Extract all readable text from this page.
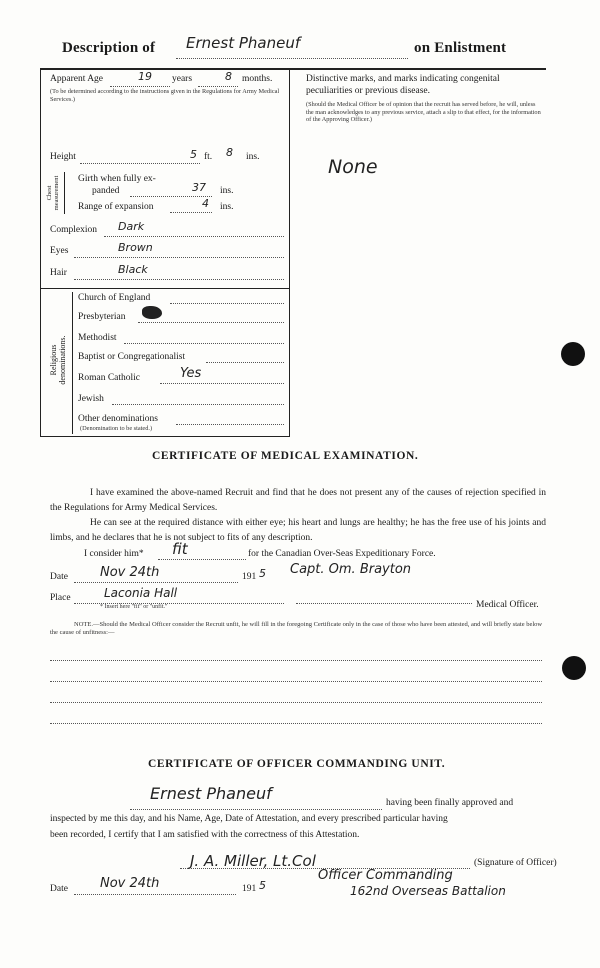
Description of Ernest Phaneuf	on Enlistment
Apparent Age	19 years	8 months.
(To be determined according to the instructions given in the Regulations for Army Medical Services.)
Height	5 ft. 8 ins.
Chest measurement Girth when fully ex-
panded	37 ins.
Range of expansion	4 ins.
Complexion Dark
Eyes	Brown
Hair	Black
Religious denominations.
Church of England
Presbyterian
Methodist
Baptist or Congregationalist
Roman Catholic	Yes
Jewish
Other denominations
(Denomination to be stated.)
Distinctive marks, and marks indicating congenital
peculiarities or previous disease.
(Should the Medical Officer be of opinion that the recruit has served before, he will, unless the man acknowledges to any previous service, attach a slip to that effect, for the information of the Approving Officer.)
None
CERTIFICATE OF MEDICAL EXAMINATION.
I have examined the above-named Recruit and find that he does not present any of the causes of rejection specified in the Regulations for Army Medical Services.
He can see at the required distance with either eye; his heart and lungs are healthy; he has the free use of his joints and limbs, and he declares that he is not subject to fits of any description.
I consider him* fit	for the Canadian Over-Seas Expeditionary Force.
Date Nov 24th	191 5 Capt. Om. Brayton
Place	Laconia Hall
* Insert here "fit" or "unfit."	Medical Officer.
NOTE.—Should the Medical Officer consider the Recruit unfit, he will fill in the foregoing Certificate only in the case of those who have been attested, and will briefly state below the cause of unfitness:—
CERTIFICATE OF OFFICER COMMANDING UNIT.
Ernest Phaneuf	having been finally approved and
inspected by me this day, and his Name, Age, Date of Attestation, and every prescribed particular having
been recorded, I certify that I am satisfied with the correctness of this Attestation.
J. A. Miller, Lt.Col	(Signature of Officer)
Officer Commanding
162nd Overseas Battalion
Date Nov 24th	191 5
